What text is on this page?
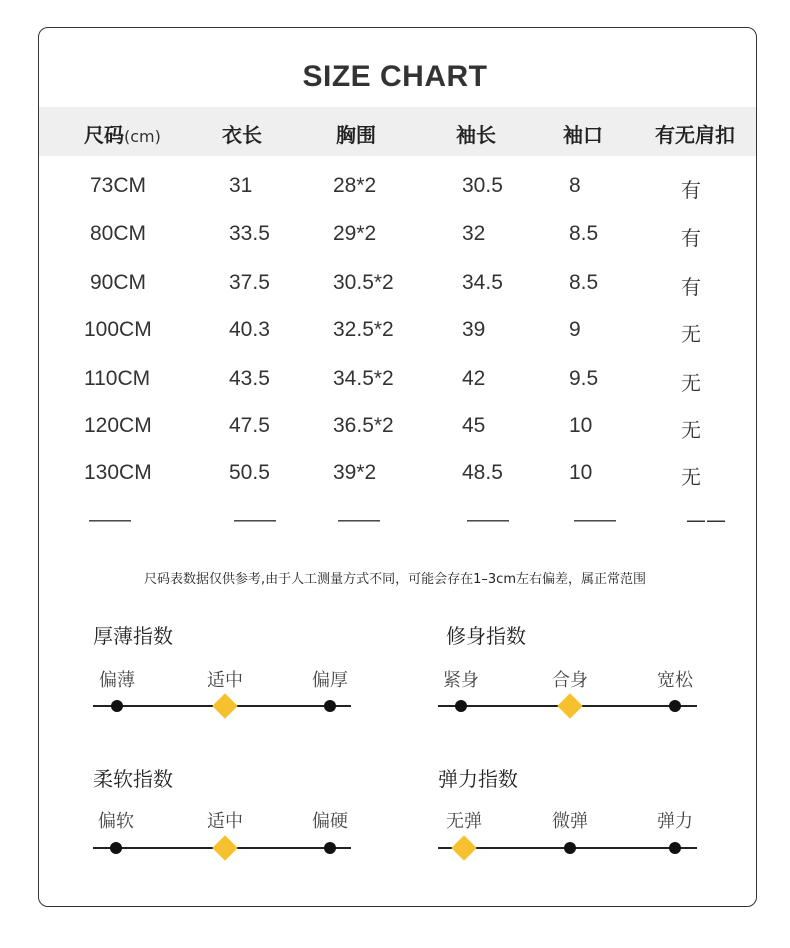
SIZE CHART
尺码(cm)	衣长	胸围	袖长	袖口	有无肩扣
73CM	31	28*2	30.5	8	有
80CM	33.5	29*2	32	8.5	有
90CM	37.5	30.5*2	34.5	8.5	有
100CM	40.3	32.5*2	39	9	无
110CM	43.5	34.5*2	42	9.5	无
120CM	47.5	36.5*2	45	10	无
130CM	50.5	39*2	48.5	10	无
——	——	——	——	——	——
尺码表数据仅供参考,由于人工测量方式不同，可能会存在1–3cm左右偏差，属正常范围
厚薄指数
偏薄	适中	偏厚
修身指数
紧身	合身	宽松
柔软指数
偏软	适中	偏硬
弹力指数
无弹	微弹	弹力
